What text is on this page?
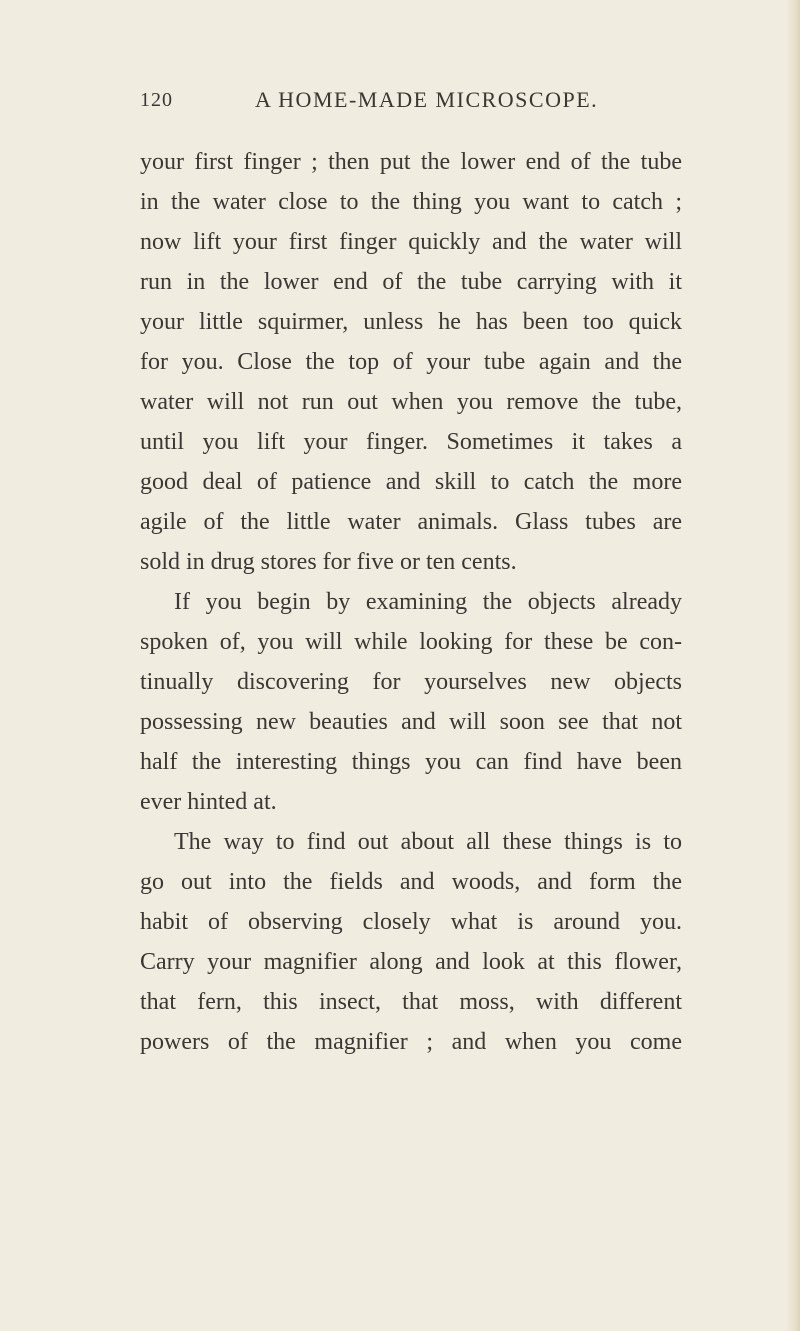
120	A HOME-MADE MICROSCOPE.

your first finger ; then put the lower end of the tube

in the water close to the thing you want to catch ;

now lift your first finger quickly and the water will

run in the lower end of the tube carrying with it

your little squirmer, unless he has been too quick

for you. Close the top of your tube again and the

water will not run out when you remove the tube,

until you lift your finger. Sometimes it takes a

good deal of patience and skill to catch the more

agile of the little water animals. Glass tubes are

sold in drug stores for five or ten cents.

If you begin by examining the objects already

spoken of, you will while looking for these be con-

tinually discovering for yourselves new objects

possessing new beauties and will soon see that not

half the interesting things you can find have been

ever hinted at.

The way to find out about all these things is to

go out into the fields and woods, and form the

habit of observing closely what is around you.

Carry your magnifier along and look at this flower,

that fern, this insect, that moss, with different

powers of the magnifier ; and when you come
